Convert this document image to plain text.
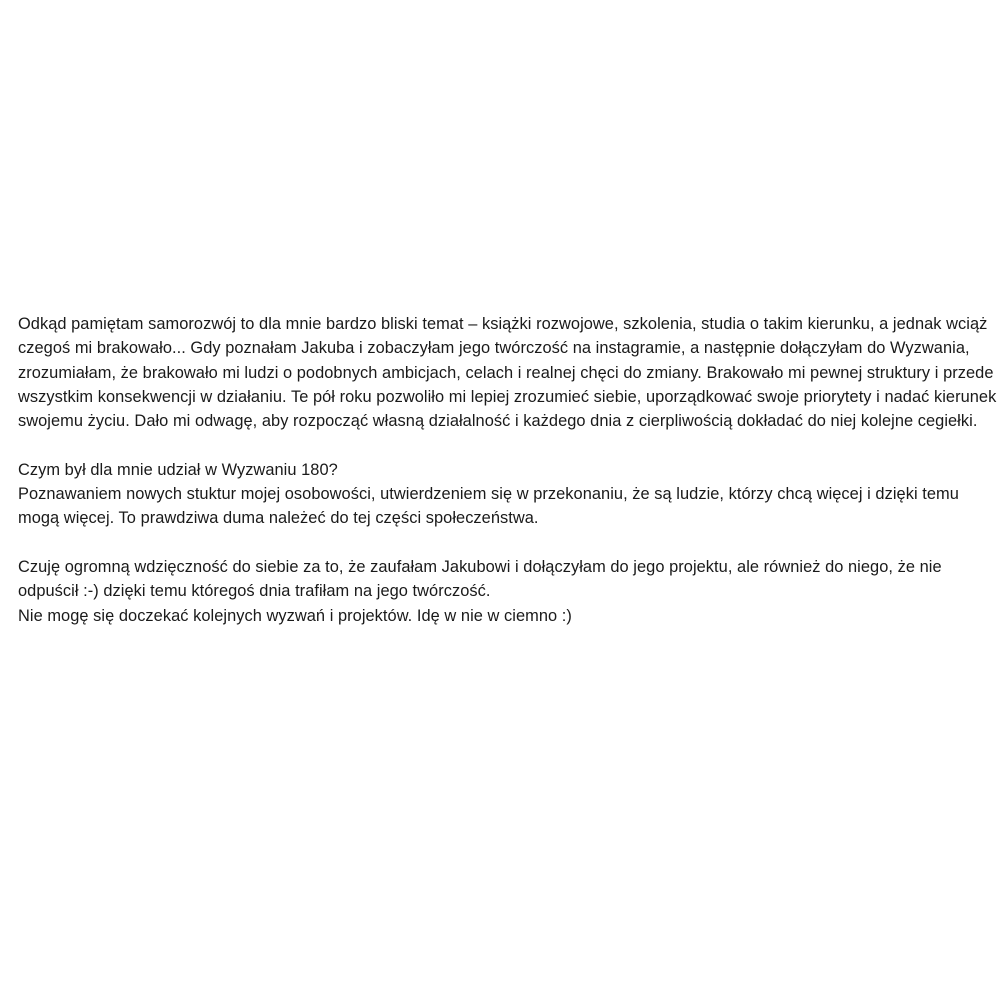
Odkąd pamiętam samorozwój to dla mnie bardzo bliski temat – książki rozwojowe, szkolenia, studia o takim kierunku, a jednak wciąż
czegoś mi brakowało... Gdy poznałam Jakuba i zobaczyłam jego twórczość na instagramie, a następnie dołączyłam do Wyzwania,
zrozumiałam, że brakowało mi ludzi o podobnych ambicjach, celach i realnej chęci do zmiany. Brakowało mi pewnej struktury i przede
wszystkim konsekwencji w działaniu. Te pół roku pozwoliło mi lepiej zrozumieć siebie, uporządkować swoje priorytety i nadać kierunek
swojemu życiu. Dało mi odwagę, aby rozpocząć własną działalność i każdego dnia z cierpliwością dokładać do niej kolejne cegiełki.
Czym był dla mnie udział w Wyzwaniu 180?
Poznawaniem nowych stuktur mojej osobowości, utwierdzeniem się w przekonaniu, że są ludzie, którzy chcą więcej i dzięki temu
mogą więcej. To prawdziwa duma należeć do tej części społeczeństwa.
Czuję ogromną wdzięczność do siebie za to, że zaufałam Jakubowi i dołączyłam do jego projektu, ale również do niego, że nie
odpuścił :-) dzięki temu któregoś dnia trafiłam na jego twórczość.
Nie mogę się doczekać kolejnych wyzwań i projektów. Idę w nie w ciemno :)
